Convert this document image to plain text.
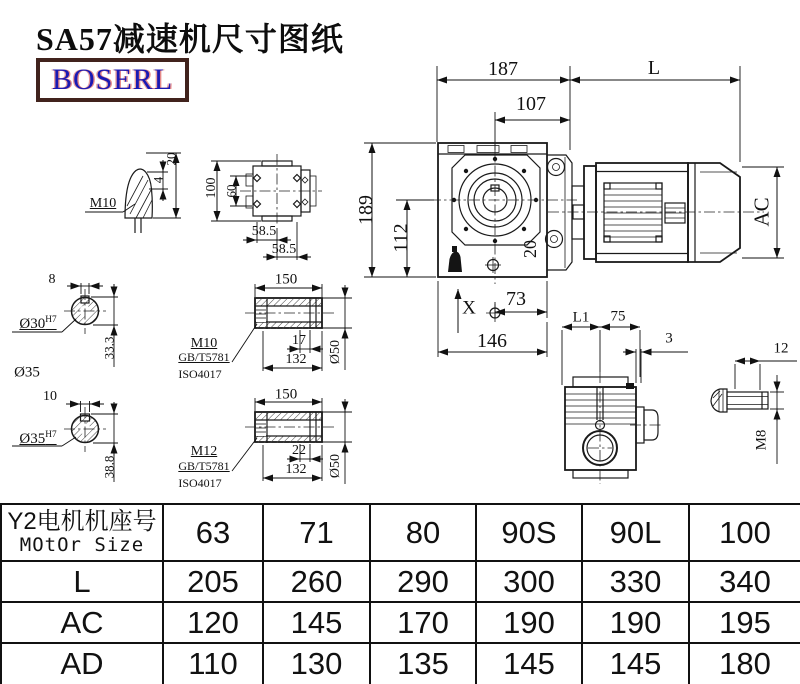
SA57减速机尺寸图纸
BOSERL	187	L
107
189
112
AC
20
73
146
X
M10
4
20
100 60
58.5
58.5
8
$Ø30^{H7}$
33.3
Ø35
10
$Ø35^{H7}$
38.8
150
M10
GB/T5781
ISO4017
17
132 Ø50
150
M12
GB/T5781
ISO4017
22
132 Ø50
L1 75
3
12
M8
Y2电机机座号
MOtOr Size	63	71	80	90S	90L	100
L	205	260	290	300	330	340
AC	120	145	170	190	190	195
AD	110	130	135	145	145	180
